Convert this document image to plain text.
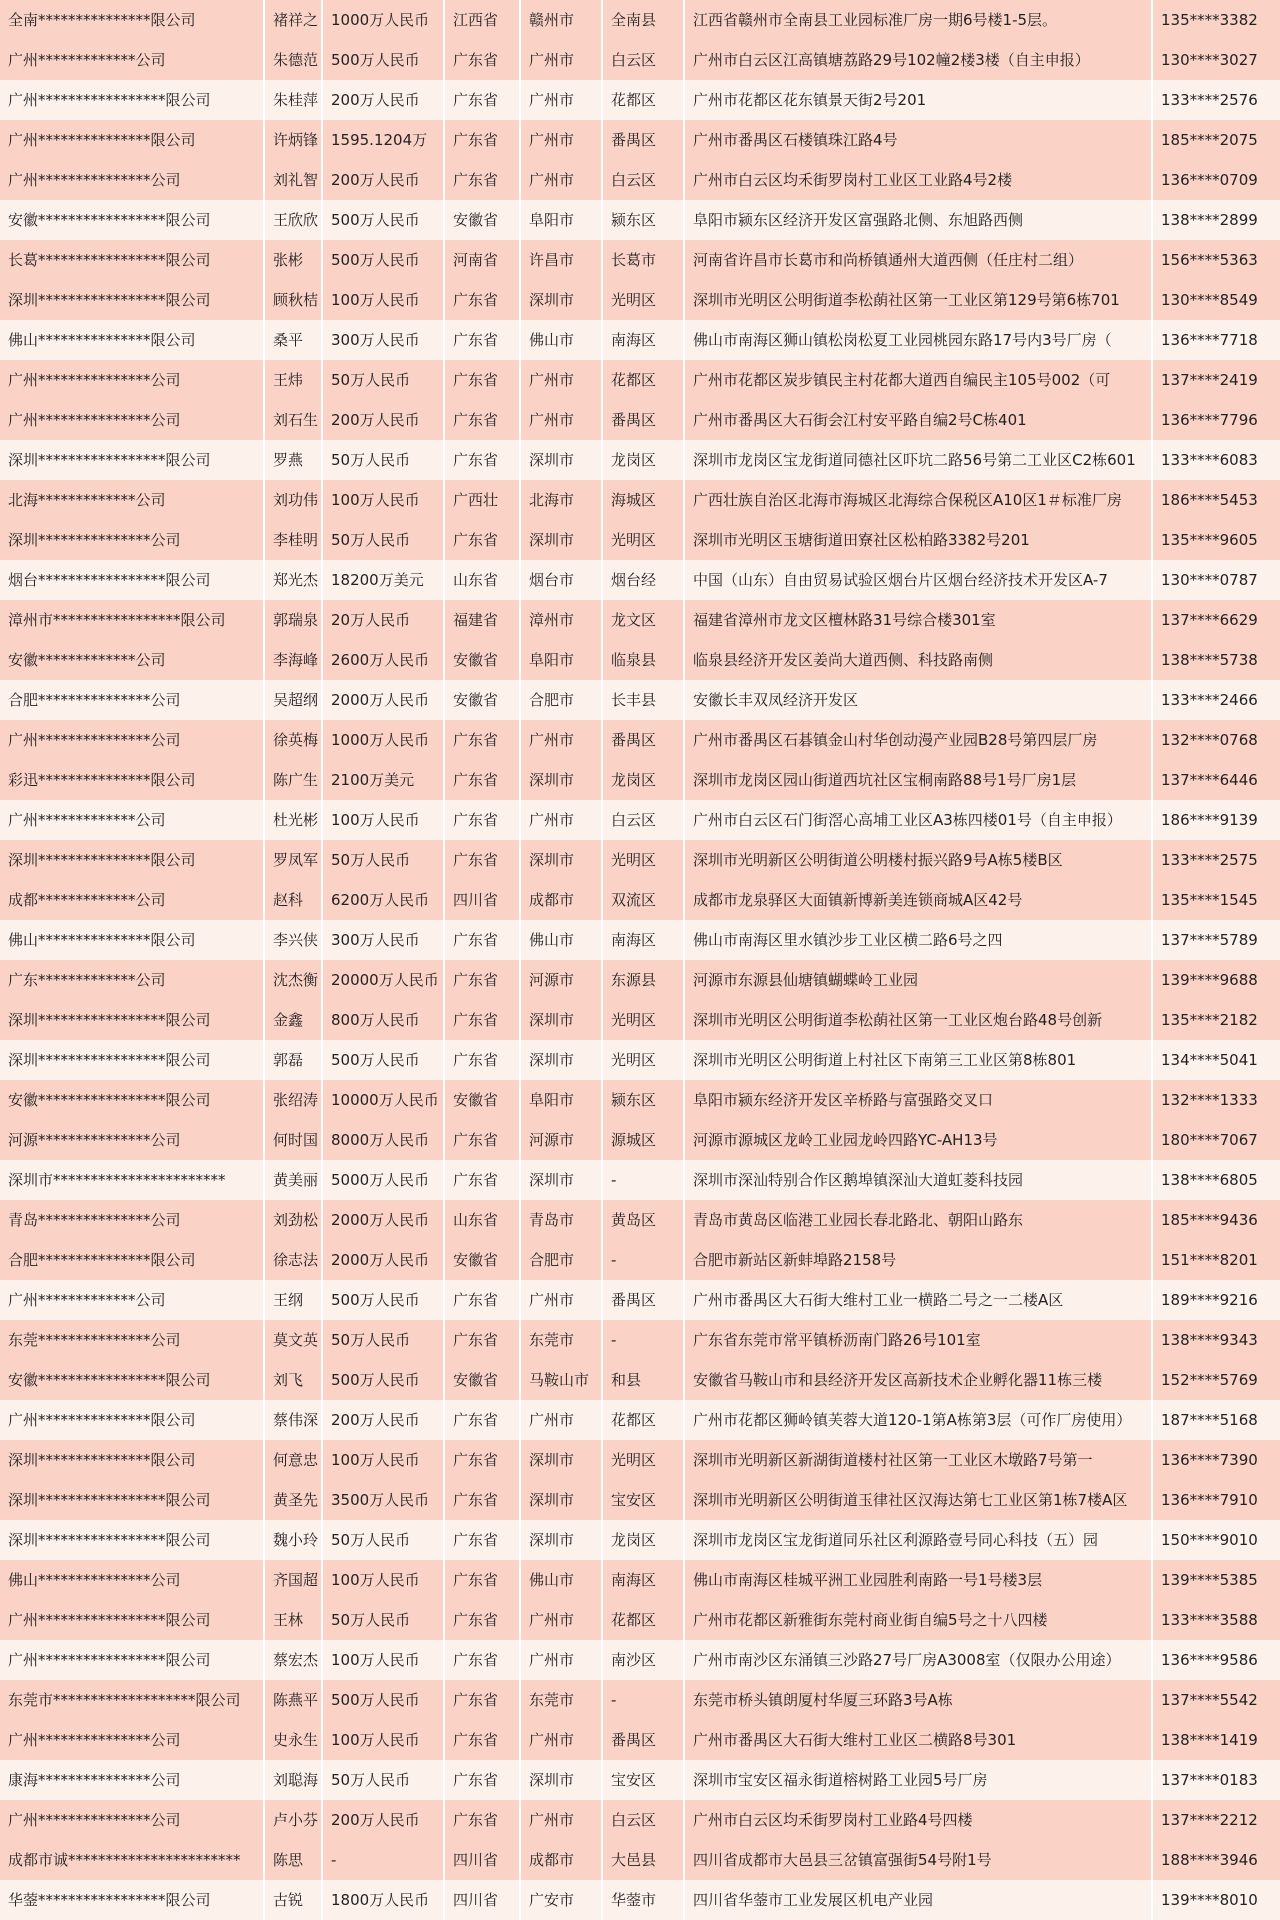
全南***************限公司	褚祥之 1000万人民币	江西省	赣州市	全南县	江西省赣州市全南县工业园标准厂房一期6号楼1-5层。	135****3382
广州*************公司	朱德范 500万人民币	广东省	广州市	白云区	广州市白云区江高镇塘荔路29号102幢2楼3楼（自主申报）	130****3027
广州*****************限公司	朱桂萍 200万人民币	广东省	广州市	花都区	广州市花都区花东镇景天街2号201	133****2576
广州***************限公司	许炳锋 1595.1204万	广东省	广州市	番禺区	广州市番禺区石楼镇珠江路4号	185****2075
广州***************公司	刘礼智 200万人民币	广东省	广州市	白云区	广州市白云区均禾街罗岗村工业区工业路4号2楼	136****0709
安徽*****************限公司	王欣欣 500万人民币	安徽省	阜阳市	颍东区	阜阳市颍东区经济开发区富强路北侧、东旭路西侧	138****2899
长葛*****************限公司	张彬	500万人民币	河南省	许昌市	长葛市	河南省许昌市长葛市和尚桥镇通州大道西侧（任庄村二组）	156****5363
深圳*****************限公司	顾秋桔 100万人民币	广东省	深圳市	光明区	深圳市光明区公明街道李松蓢社区第一工业区第129号第6栋701	130****8549
佛山***************限公司	桑平	300万人民币	广东省	佛山市	南海区	佛山市南海区狮山镇松岗松夏工业园桃园东路17号内3号厂房（	136****7718
广州***************公司	王炜	50万人民币	广东省	广州市	花都区	广州市花都区炭步镇民主村花都大道西自编民主105号002（可	137****2419
广州***************公司	刘石生 200万人民币	广东省	广州市	番禺区	广州市番禺区大石街会江村安平路自编2号C栋401	136****7796
深圳*****************限公司	罗燕	50万人民币	广东省	深圳市	龙岗区	深圳市龙岗区宝龙街道同德社区吓坑二路56号第二工业区C2栋601	133****6083
北海*************公司	刘功伟 100万人民币	广西壮	北海市	海城区	广西壮族自治区北海市海城区北海综合保税区A10区1＃标准厂房	186****5453
深圳***************公司	李桂明 50万人民币	广东省	深圳市	光明区	深圳市光明区玉塘街道田寮社区松柏路3382号201	135****9605
烟台*****************限公司	郑光杰 18200万美元	山东省	烟台市	烟台经	中国（山东）自由贸易试验区烟台片区烟台经济技术开发区A-7	130****0787
漳州市*****************限公司	郭瑞泉 20万人民币	福建省	漳州市	龙文区	福建省漳州市龙文区檀林路31号综合楼301室	137****6629
安徽*************公司	李海峰 2600万人民币	安徽省	阜阳市	临泉县	临泉县经济开发区姜尚大道西侧、科技路南侧	138****5738
合肥***************公司	吴超纲 2000万人民币	安徽省	合肥市	长丰县	安徽长丰双凤经济开发区	133****2466
广州***************公司	徐英梅 1000万人民币	广东省	广州市	番禺区	广州市番禺区石碁镇金山村华创动漫产业园B28号第四层厂房	132****0768
彩迅***************限公司	陈广生 2100万美元	广东省	深圳市	龙岗区	深圳市龙岗区园山街道西坑社区宝桐南路88号1号厂房1层	137****6446
广州*************公司	杜光彬 100万人民币	广东省	广州市	白云区	广州市白云区石门街滘心高埔工业区A3栋四楼01号（自主申报）	186****9139
深圳***************限公司	罗凤军 50万人民币	广东省	深圳市	光明区	深圳市光明新区公明街道公明楼村振兴路9号A栋5楼B区	133****2575
成都*************公司	赵科	6200万人民币	四川省	成都市	双流区	成都市龙泉驿区大面镇新博新美连锁商城A区42号	135****1545
佛山***************限公司	李兴侠 300万人民币	广东省	佛山市	南海区	佛山市南海区里水镇沙步工业区横二路6号之四	137****5789
广东*************公司	沈杰衡 20000万人民币 广东省	河源市	东源县	河源市东源县仙塘镇蝴蝶岭工业园	139****9688
深圳*****************限公司	金鑫	800万人民币	广东省	深圳市	光明区	深圳市光明区公明街道李松蓢社区第一工业区炮台路48号创新	135****2182
深圳*****************限公司	郭磊	500万人民币	广东省	深圳市	光明区	深圳市光明区公明街道上村社区下南第三工业区第8栋801	134****5041
安徽*****************限公司	张绍涛 10000万人民币 安徽省	阜阳市	颍东区	阜阳市颍东经济开发区辛桥路与富强路交叉口	132****1333
河源***************公司	何时国 8000万人民币	广东省	河源市	源城区	河源市源城区龙岭工业园龙岭四路YC-AH13号	180****7067
深圳市***********************	黄美丽 5000万人民币	广东省	深圳市	-	深圳市深汕特别合作区鹅埠镇深汕大道虹菱科技园	138****6805
青岛***************公司	刘劲松 2000万人民币	山东省	青岛市	黄岛区	青岛市黄岛区临港工业园长春北路北、朝阳山路东	185****9436
合肥***************限公司	徐志法 2000万人民币	安徽省	合肥市	-	合肥市新站区新蚌埠路2158号	151****8201
广州*************公司	王纲	500万人民币	广东省	广州市	番禺区	广州市番禺区大石街大维村工业一横路二号之一二楼A区	189****9216
东莞***************公司	莫文英 50万人民币	广东省	东莞市	-	广东省东莞市常平镇桥沥南门路26号101室	138****9343
安徽*****************限公司	刘飞	500万人民币	安徽省	马鞍山市	和县	安徽省马鞍山市和县经济开发区高新技术企业孵化器11栋三楼	152****5769
广州***************限公司	蔡伟深 200万人民币	广东省	广州市	花都区	广州市花都区狮岭镇芙蓉大道120-1第A栋第3层（可作厂房使用）	187****5168
深圳***************限公司	何意忠 100万人民币	广东省	深圳市	光明区	深圳市光明新区新湖街道楼村社区第一工业区木墩路7号第一	136****7390
深圳*****************限公司	黄圣先 3500万人民币	广东省	深圳市	宝安区	深圳市光明新区公明街道玉律社区汉海达第七工业区第1栋7楼A区	136****7910
深圳*****************限公司	魏小玲 50万人民币	广东省	深圳市	龙岗区	深圳市龙岗区宝龙街道同乐社区利源路壹号同心科技（五）园	150****9010
佛山***************公司	齐国超 100万人民币	广东省	佛山市	南海区	佛山市南海区桂城平洲工业园胜利南路一号1号楼3层	139****5385
广州*****************限公司	王林	50万人民币	广东省	广州市	花都区	广州市花都区新雅街东莞村商业街自编5号之十八四楼	133****3588
广州*****************限公司	蔡宏杰 100万人民币	广东省	广州市	南沙区	广州市南沙区东涌镇三沙路27号厂房A3008室（仅限办公用途）	136****9586
东莞市*******************限公司	陈燕平 500万人民币	广东省	东莞市	-	东莞市桥头镇朗厦村华厦三环路3号A栋	137****5542
广州***************公司	史永生 100万人民币	广东省	广州市	番禺区	广州市番禺区大石街大维村工业区二横路8号301	138****1419
康海***************公司	刘聪海 50万人民币	广东省	深圳市	宝安区	深圳市宝安区福永街道榕树路工业园5号厂房	137****0183
广州***************公司	卢小芬 200万人民币	广东省	广州市	白云区	广州市白云区均禾街罗岗村工业路4号四楼	137****2212
成都市诚***********************	陈思	-	四川省	成都市	大邑县	四川省成都市大邑县三岔镇富强街54号附1号	188****3946
华蓥*****************限公司	古锐	1800万人民币	四川省	广安市	华蓥市	四川省华蓥市工业发展区机电产业园	139****8010
